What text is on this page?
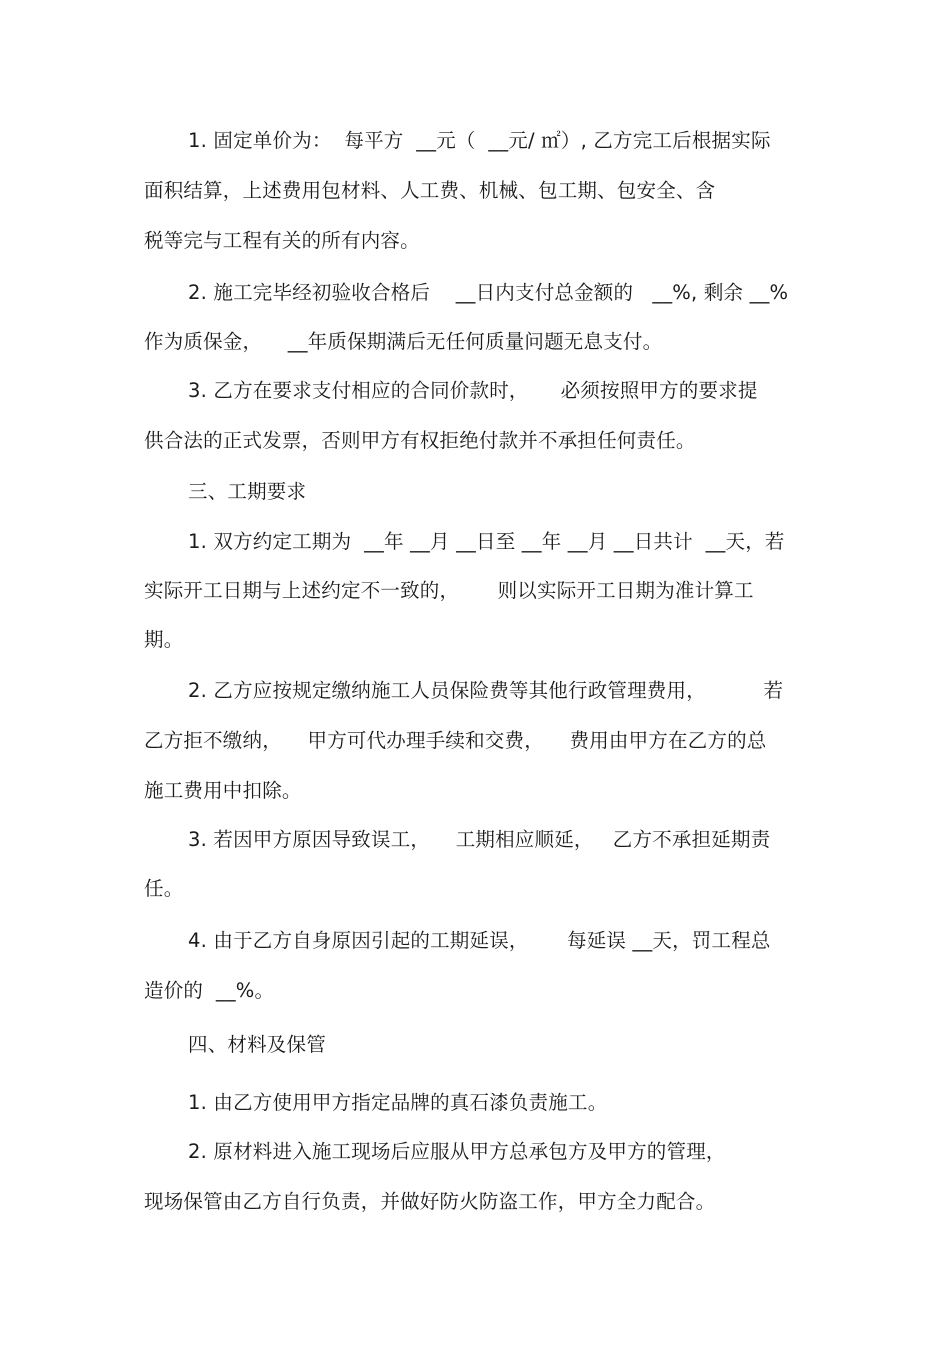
1. 固定单价为：  每平方  __元（  __元/ ㎡）, 乙方完工后根据实际
面积结算，上述费用包材料、人工费、机械、包工期、包安全、含
税等完与工程有关的所有内容。
2. 施工完毕经初验收合格后    __日内支付总金额的   __%, 剩余 __%
作为质保金，    __年质保期满后无任何质量问题无息支付。
3. 乙方在要求支付相应的合同价款时，     必须按照甲方的要求提
供合法的正式发票，否则甲方有权拒绝付款并不承担任何责任。
三、工期要求
1. 双方约定工期为  __年 __月 __日至 __年 __月 __日共计  __天，若
实际开工日期与上述约定不一致的，      则以实际开工日期为准计算工
期。
2. 乙方应按规定缴纳施工人员保险费等其他行政管理费用，         若
乙方拒不缴纳，    甲方可代办理手续和交费，    费用由甲方在乙方的总
施工费用中扣除。
3. 若因甲方原因导致误工，    工期相应顺延，   乙方不承担延期责
任。
4. 由于乙方自身原因引起的工期延误，      每延误 __天，罚工程总
造价的  __%。
四、材料及保管
1. 由乙方使用甲方指定品牌的真石漆负责施工。
2. 原材料进入施工现场后应服从甲方总承包方及甲方的管理，
现场保管由乙方自行负责，并做好防火防盗工作，甲方全力配合。
